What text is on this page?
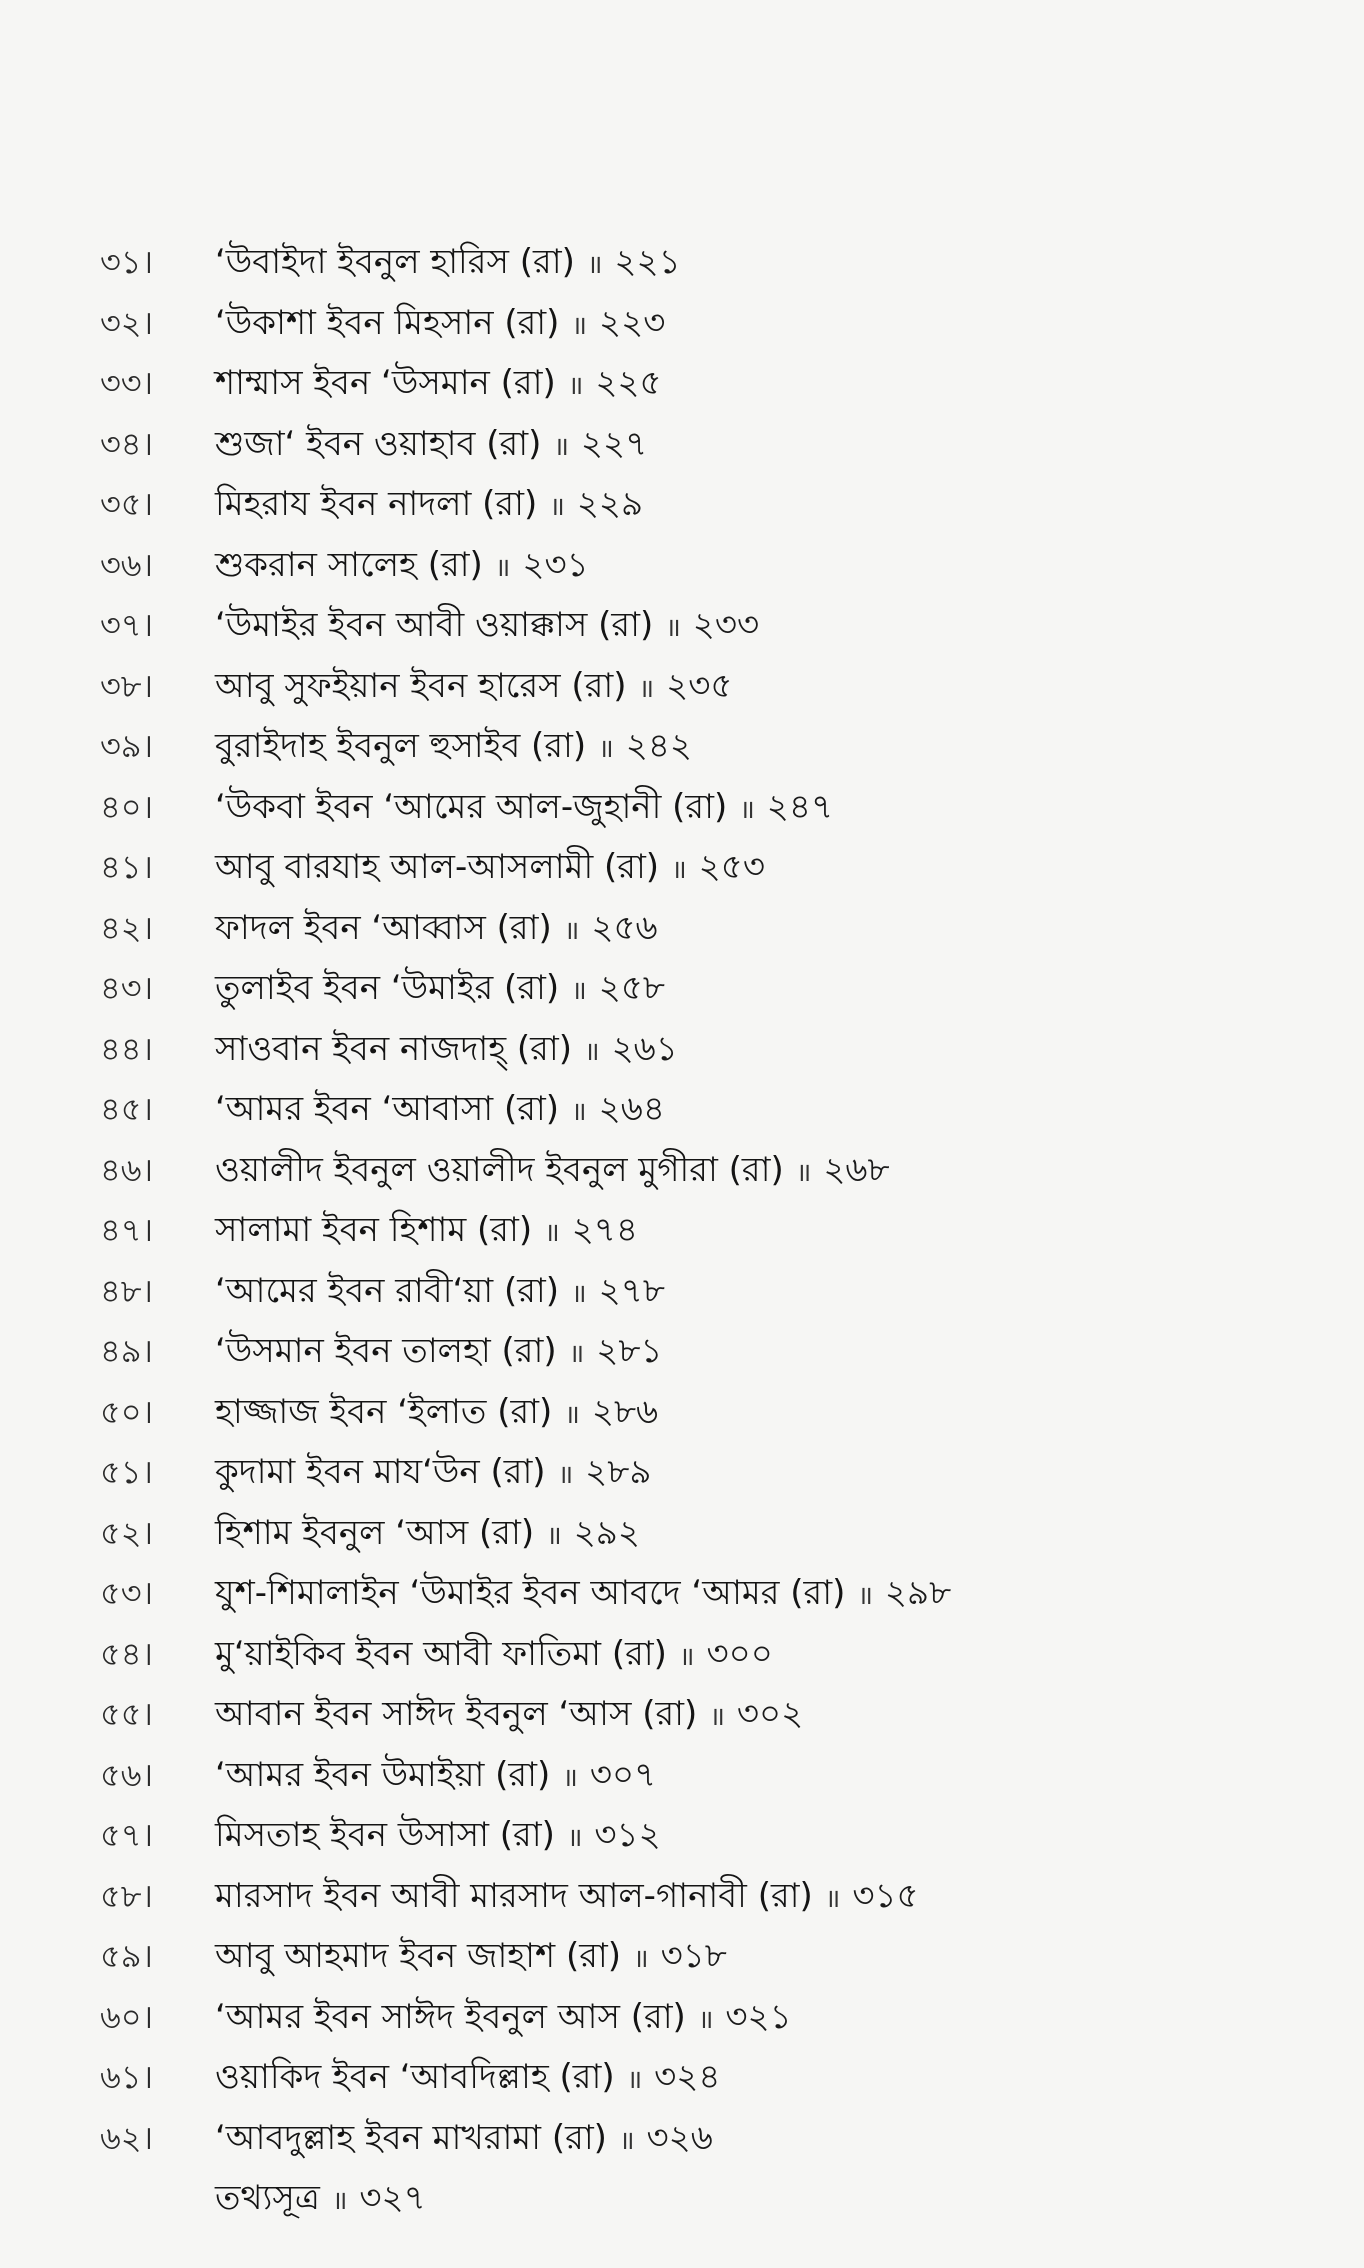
৩১।	‘উবাইদা ইবনুল হারিস (রা) ॥ ২২১
৩২।	‘উকাশা ইবন মিহসান (রা) ॥ ২২৩
৩৩।	শাম্মাস ইবন ‘উসমান (রা) ॥ ২২৫
৩৪।	শুজা‘ ইবন ওয়াহাব (রা) ॥ ২২৭
৩৫।	মিহরায ইবন নাদলা (রা) ॥ ২২৯
৩৬।	শুকরান সালেহ (রা) ॥ ২৩১
৩৭।	‘উমাইর ইবন আবী ওয়াক্কাস (রা) ॥ ২৩৩
৩৮।	আবু সুফইয়ান ইবন হারেস (রা) ॥ ২৩৫
৩৯।	বুরাইদাহ ইবনুল হুসাইব (রা) ॥ ২৪২
৪০।	‘উকবা ইবন ‘আমের আল-জুহানী (রা) ॥ ২৪৭
৪১।	আবু বারযাহ আল-আসলামী (রা) ॥ ২৫৩
৪২।	ফাদল ইবন ‘আব্বাস (রা) ॥ ২৫৬
৪৩।	তুলাইব ইবন ‘উমাইর (রা) ॥ ২৫৮
৪৪।	সাওবান ইবন নাজদাহ্ (রা) ॥ ২৬১
৪৫।	‘আমর ইবন ‘আবাসা (রা) ॥ ২৬৪
৪৬।	ওয়ালীদ ইবনুল ওয়ালীদ ইবনুল মুগীরা (রা) ॥ ২৬৮
৪৭।	সালামা ইবন হিশাম (রা) ॥ ২৭৪
৪৮।	‘আমের ইবন রাবী‘য়া (রা) ॥ ২৭৮
৪৯।	‘উসমান ইবন তালহা (রা) ॥ ২৮১
৫০।	হাজ্জাজ ইবন ‘ইলাত (রা) ॥ ২৮৬
৫১।	কুদামা ইবন মায‘উন (রা) ॥ ২৮৯
৫২।	হিশাম ইবনুল ‘আস (রা) ॥ ২৯২
৫৩।	যুশ-শিমালাইন ‘উমাইর ইবন আবদে ‘আমর (রা) ॥ ২৯৮
৫৪।	মু‘য়াইকিব ইবন আবী ফাতিমা (রা) ॥ ৩০০
৫৫।	আবান ইবন সাঈদ ইবনুল ‘আস (রা) ॥ ৩০২
৫৬।	‘আমর ইবন উমাইয়া (রা) ॥ ৩০৭
৫৭।	মিসতাহ ইবন উসাসা (রা) ॥ ৩১২
৫৮।	মারসাদ ইবন আবী মারসাদ আল-গানাবী (রা) ॥ ৩১৫
৫৯।	আবু আহমাদ ইবন জাহাশ (রা) ॥ ৩১৮
৬০।	‘আমর ইবন সাঈদ ইবনুল আস (রা) ॥ ৩২১
৬১।	ওয়াকিদ ইবন ‘আবদিল্লাহ (রা) ॥ ৩২৪
৬২।	‘আবদুল্লাহ ইবন মাখরামা (রা) ॥ ৩২৬
তথ্যসূত্র ॥ ৩২৭
